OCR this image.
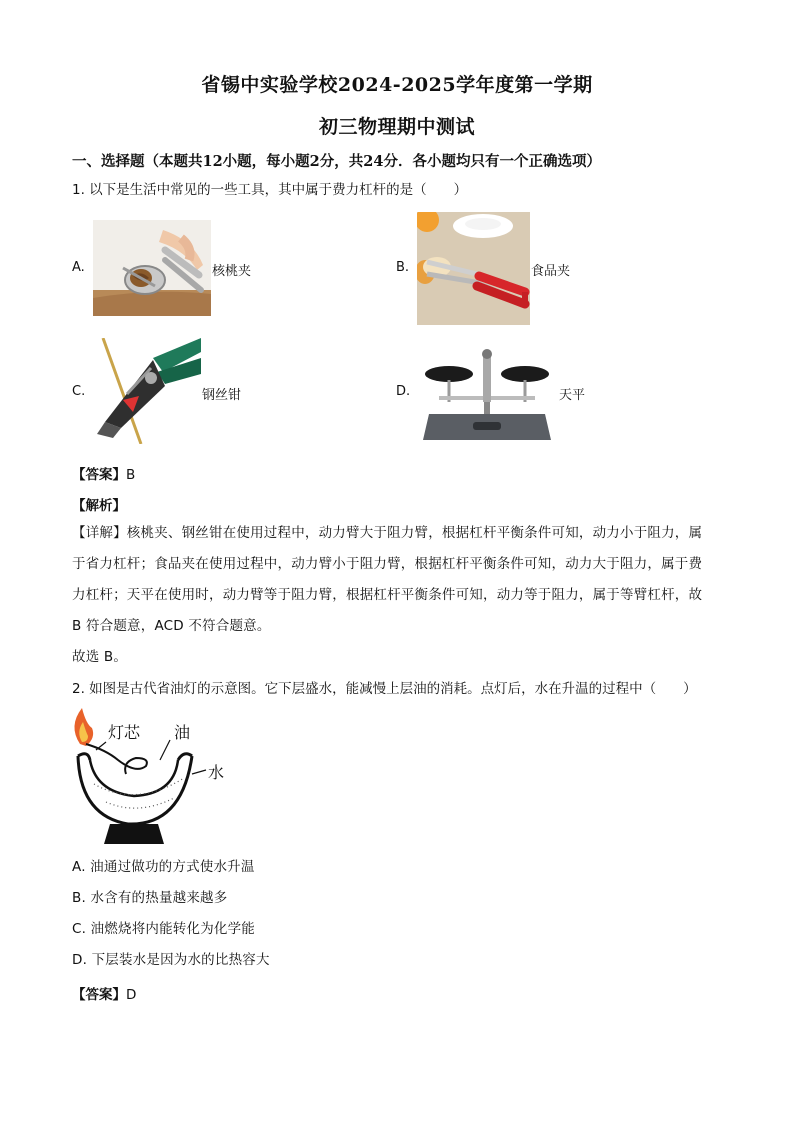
省锡中实验学校2024-2025学年度第一学期
初三物理期中测试
一、选择题（本题共12小题，每小题2分，共24分．各小题均只有一个正确选项）
1. 以下是生活中常见的一些工具，其中属于费力杠杆的是（　　）
A.	核桃夹	B.	食品夹
C.	钢丝钳	D.	天平
【答案】B
【解析】
【详解】核桃夹、钢丝钳在使用过程中，动力臂大于阻力臂，根据杠杆平衡条件可知，动力小于阻力，属
于省力杠杆；食品夹在使用过程中，动力臂小于阻力臂，根据杠杆平衡条件可知，动力大于阻力，属于费
力杠杆；天平在使用时，动力臂等于阻力臂，根据杠杆平衡条件可知，动力等于阻力，属于等臂杠杆，故
B 符合题意，ACD 不符合题意。
故选 B。
2. 如图是古代省油灯的示意图。它下层盛水，能减慢上层油的消耗。点灯后，水在升温的过程中（　　）
灯芯 油
水
A. 油通过做功的方式使水升温
B. 水含有的热量越来越多
C. 油燃烧将内能转化为化学能
D. 下层装水是因为水的比热容大
【答案】D
